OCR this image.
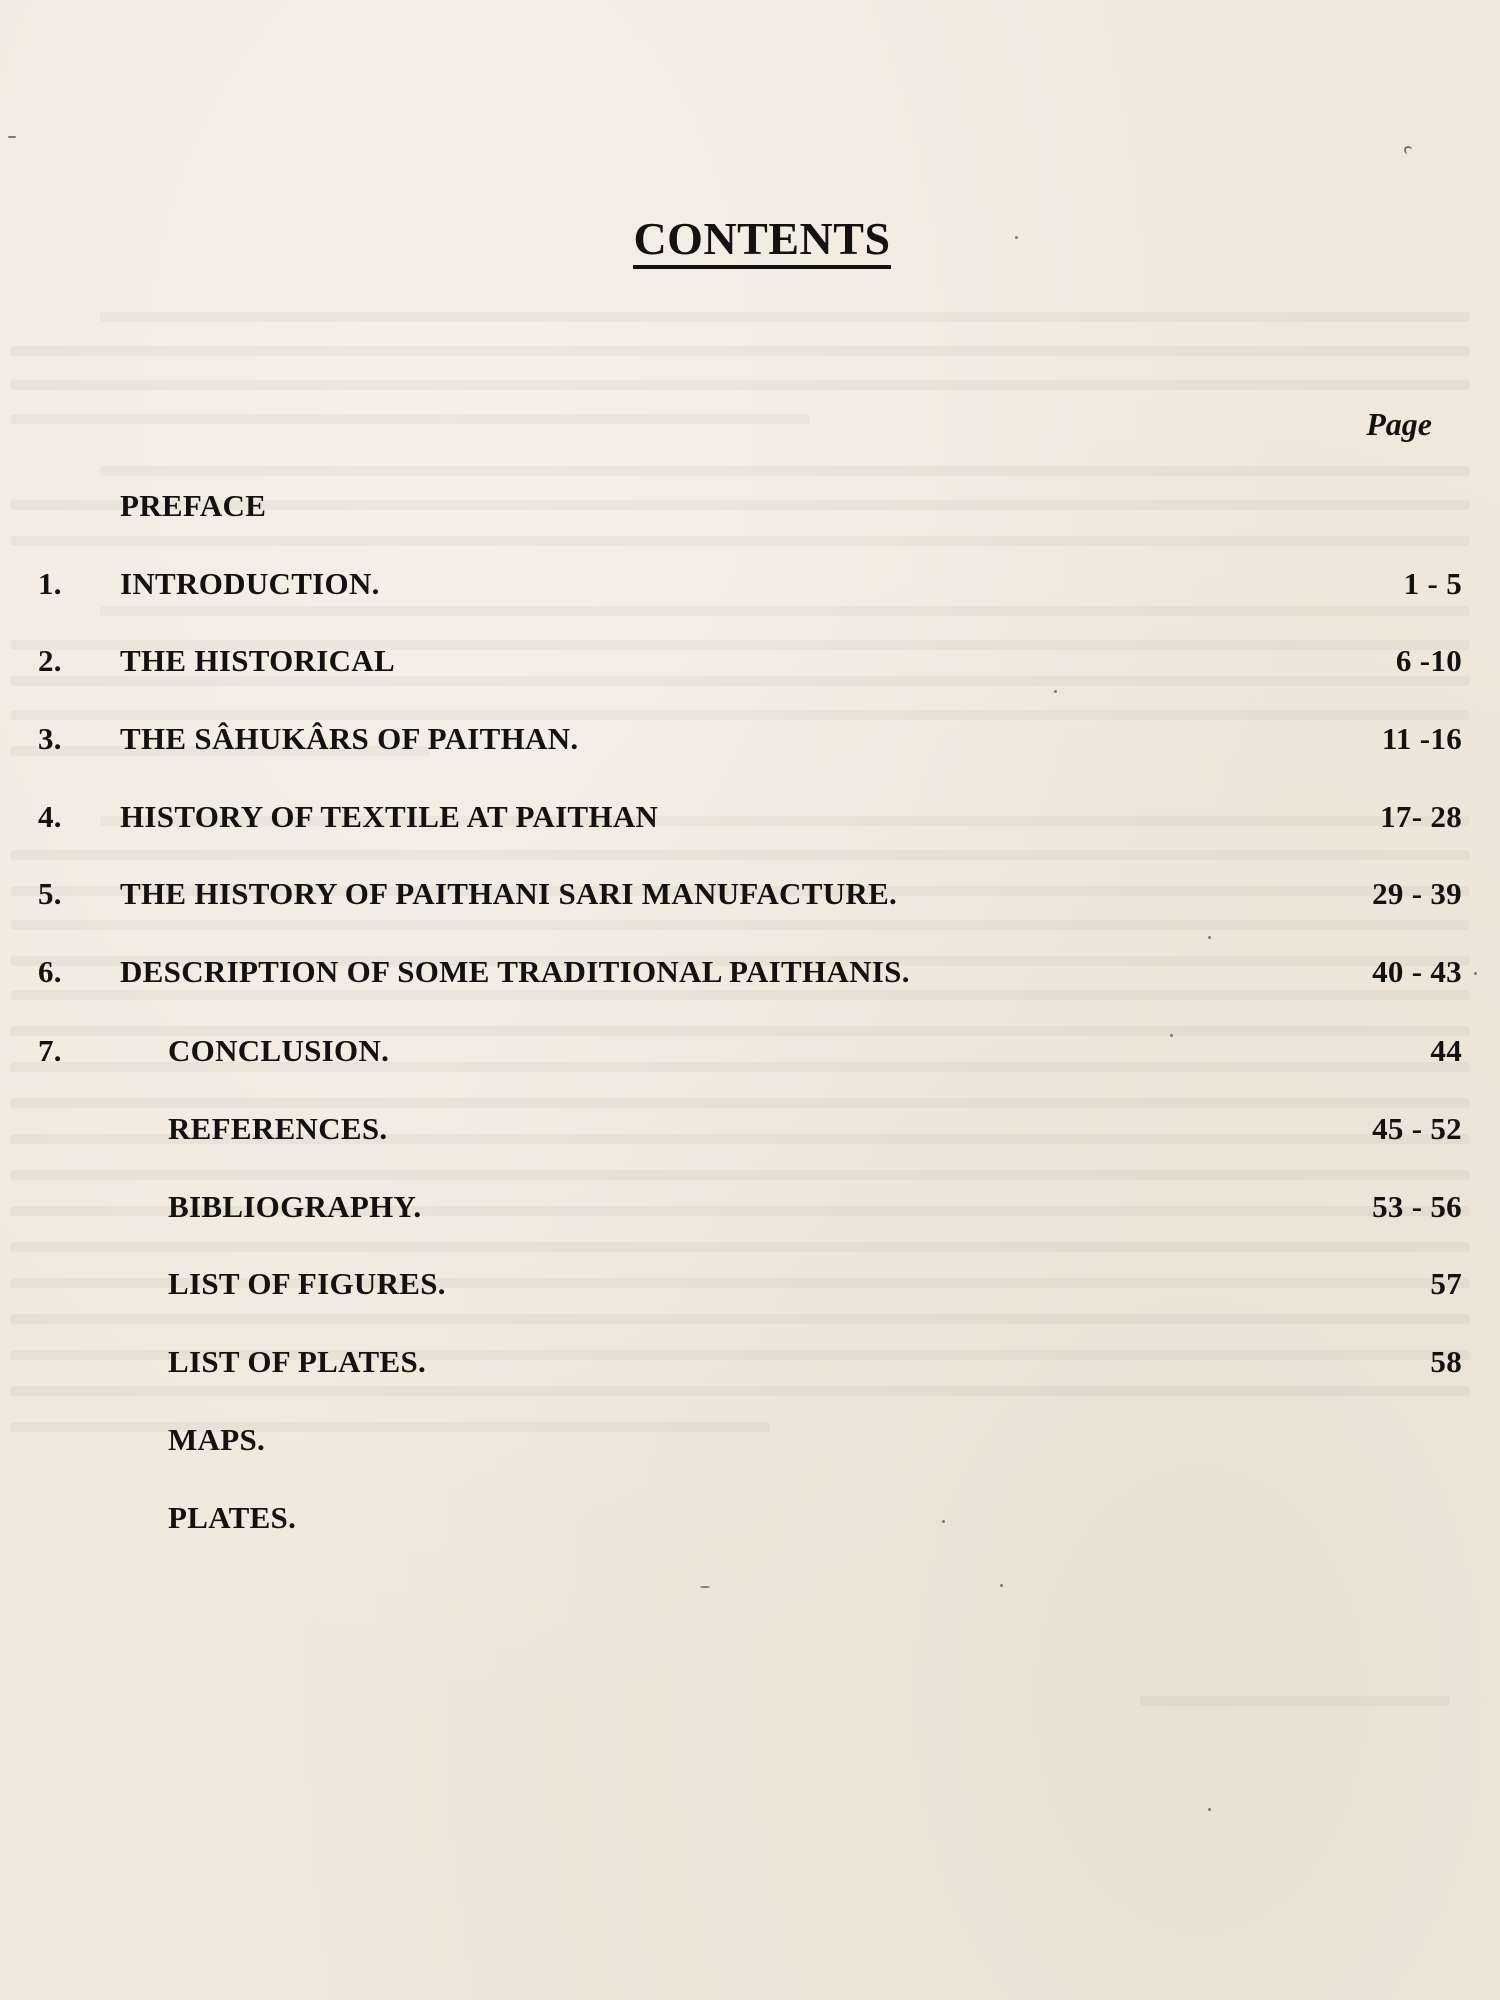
CONTENTS
Page
PREFACE
1. INTRODUCTION.	1 - 5
2. THE HISTORICAL	6 -10
3. THE SÂHUKÂRS OF PAITHAN.	11 -16
4. HISTORY OF TEXTILE AT PAITHAN	17- 28
5. THE HISTORY OF PAITHANI SARI MANUFACTURE.	29 - 39
6. DESCRIPTION OF SOME TRADITIONAL PAITHANIS.	40 - 43
7.	CONCLUSION.	44
REFERENCES.	45 - 52
BIBLIOGRAPHY.	53 - 56
LIST OF FIGURES.	57
LIST OF PLATES.	58
MAPS.
PLATES.
